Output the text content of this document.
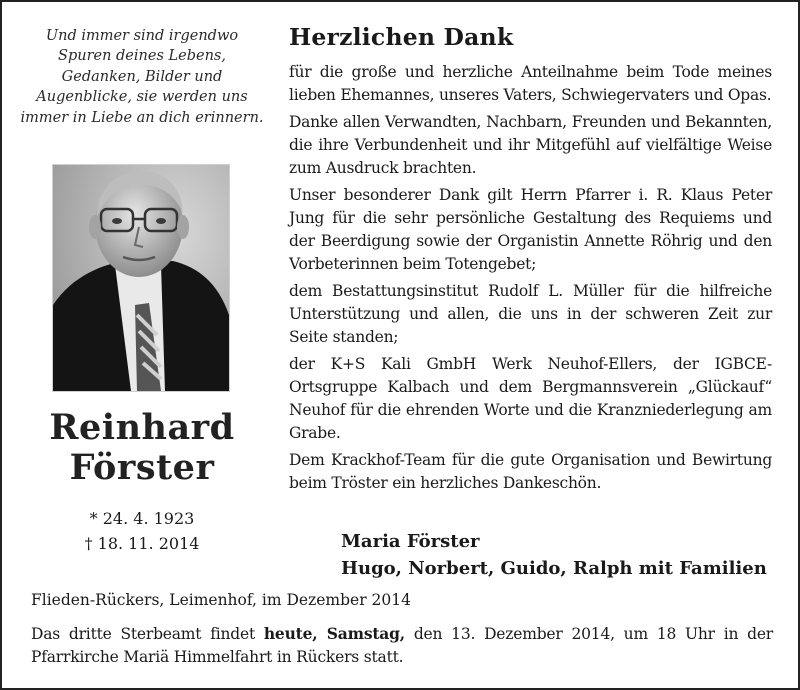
Und immer sind irgendwo
Spuren deines Lebens,
Gedanken, Bilder und
Augenblicke, sie werden uns
immer in Liebe an dich erinnern.
Reinhard
Förster
* 24. 4. 1923
† 18. 11. 2014
Herzlichen Dank

für die große und herzliche Anteilnahme beim Tode meines lieben Ehemannes, unseres Vaters, Schwiegervaters und Opas.

Danke allen Verwandten, Nachbarn, Freunden und Bekannten, die ihre Verbundenheit und ihr Mitgefühl auf vielfältige Weise zum Ausdruck brachten.

Unser besonderer Dank gilt Herrn Pfarrer i. R. Klaus Peter Jung für die sehr persönliche Gestaltung des Requiems und der Beerdigung sowie der Organistin Annette Röhrig und den Vorbeterinnen beim Totengebet;

dem Bestattungsinstitut Rudolf L. Müller für die hilfreiche Unterstützung und allen, die uns in der schweren Zeit zur Seite standen;

der K+S Kali GmbH Werk Neuhof-Ellers, der IGBCE-Ortsgruppe Kalbach und dem Bergmannsverein „Glückauf“ Neuhof für die ehrenden Worte und die Kranzniederlegung am Grabe.

Dem Krackhof-Team für die gute Organisation und Bewirtung beim Tröster ein herzliches Dankeschön.

Maria Förster
Hugo, Norbert, Guido, Ralph mit Familien
Flieden-Rückers, Leimenhof, im Dezember 2014
Das dritte Sterbeamt findet heute, Samstag, den 13. Dezember 2014, um 18 Uhr in der Pfarrkirche Mariä Himmelfahrt in Rückers statt.
